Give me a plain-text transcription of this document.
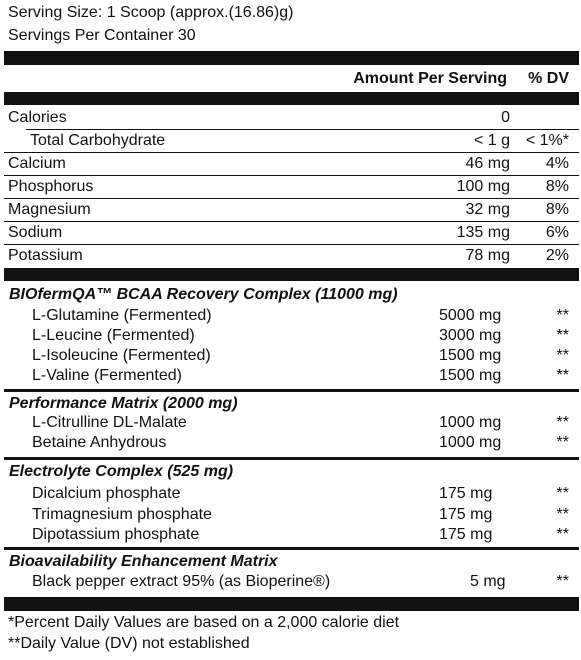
Serving Size: 1 Scoop (approx.(16.86)g)
Servings Per Container 30
Amount Per Serving % DV
Calories	0
Total Carbohydrate	< 1 g < 1%*
Calcium	46 mg 4%
Phosphorus	100 mg 8%
Magnesium	32 mg 8%
Sodium	135 mg 6%
Potassium	78 mg 2%
BIOfermQA™ BCAA Recovery Complex (11000 mg)
L-Glutamine (Fermented)	5000 mg	**
L-Leucine (Fermented)	3000 mg	**
L-Isoleucine (Fermented)	1500 mg	**
L-Valine (Fermented)	1500 mg	**
Performance Matrix (2000 mg)
L-Citrulline DL-Malate	1000 mg	**
Betaine Anhydrous	1000 mg	**
Electrolyte Complex (525 mg)
Dicalcium phosphate	175 mg	**
Trimagnesium phosphate	175 mg	**
Dipotassium phosphate	175 mg	**
Bioavailability Enhancement Matrix
Black pepper extract 95% (as Bioperine®)	5 mg	**
*Percent Daily Values are based on a 2,000 calorie diet
**Daily Value (DV) not established
